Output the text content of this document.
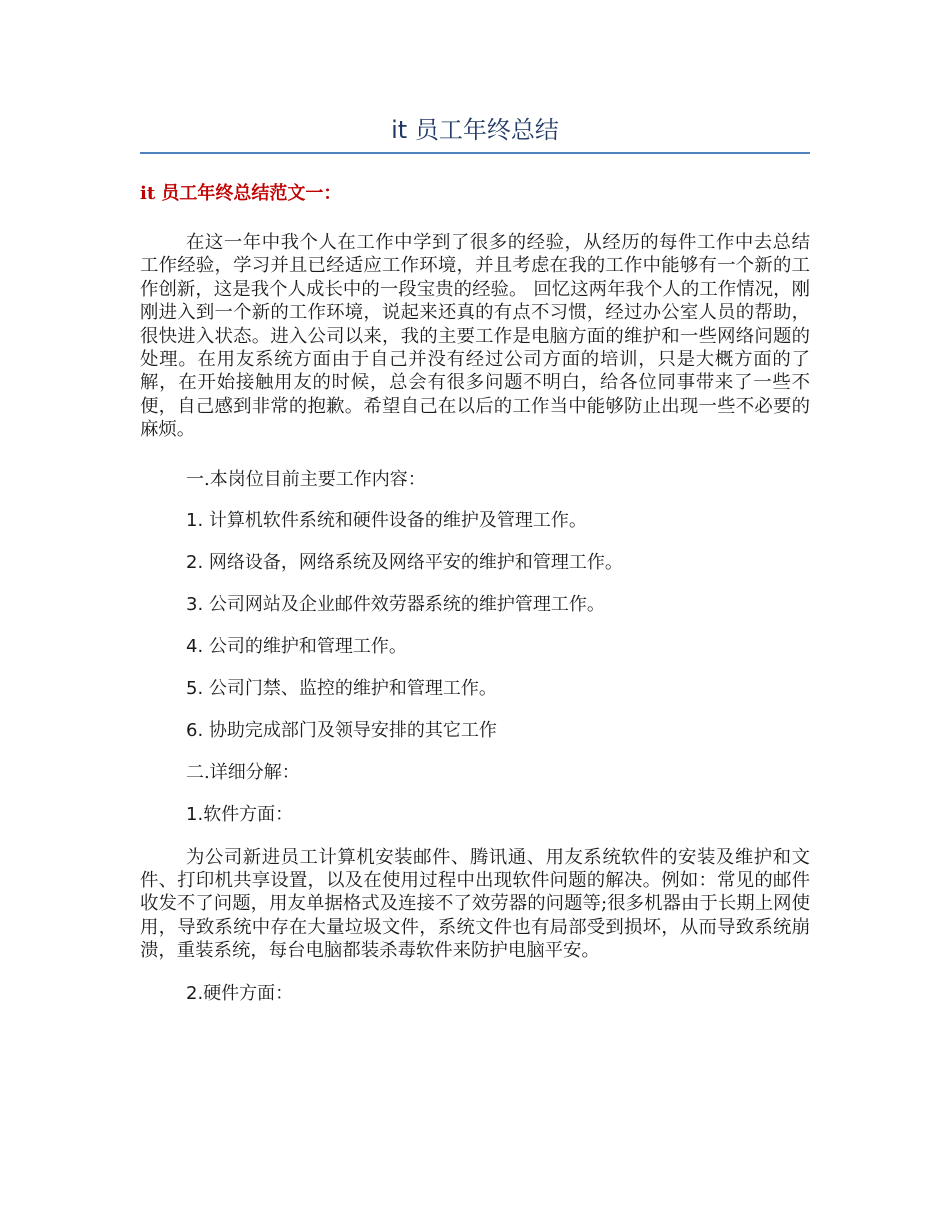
it 员工年终总结
it 员工年终总结范文一：

在这一年中我个人在工作中学到了很多的经验，从经历的每件工作中去总结工作经验，学习并且已经适应工作环境，并且考虑在我的工作中能够有一个新的工作创新，这是我个人成长中的一段宝贵的经验。 回忆这两年我个人的工作情况，刚刚进入到一个新的工作环境，说起来还真的有点不习惯，经过办公室人员的帮助，很快进入状态。进入公司以来，我的主要工作是电脑方面的维护和一些网络问题的处理。在用友系统方面由于自己并没有经过公司方面的培训，只是大概方面的了解，在开始接触用友的时候，总会有很多问题不明白，给各位同事带来了一些不便，自己感到非常的抱歉。希望自己在以后的工作当中能够防止出现一些不必要的麻烦。

一.本岗位目前主要工作内容：

1. 计算机软件系统和硬件设备的维护及管理工作。

2. 网络设备，网络系统及网络平安的维护和管理工作。

3. 公司网站及企业邮件效劳器系统的维护管理工作。

4. 公司的维护和管理工作。

5. 公司门禁、监控的维护和管理工作。

6. 协助完成部门及领导安排的其它工作

二.详细分解：

1.软件方面：

为公司新进员工计算机安装邮件、腾讯通、用友系统软件的安装及维护和文件、打印机共享设置，以及在使用过程中出现软件问题的解决。例如：常见的邮件收发不了问题，用友单据格式及连接不了效劳器的问题等;很多机器由于长期上网使用，导致系统中存在大量垃圾文件，系统文件也有局部受到损坏，从而导致系统崩溃，重装系统，每台电脑都装杀毒软件来防护电脑平安。

2.硬件方面：
